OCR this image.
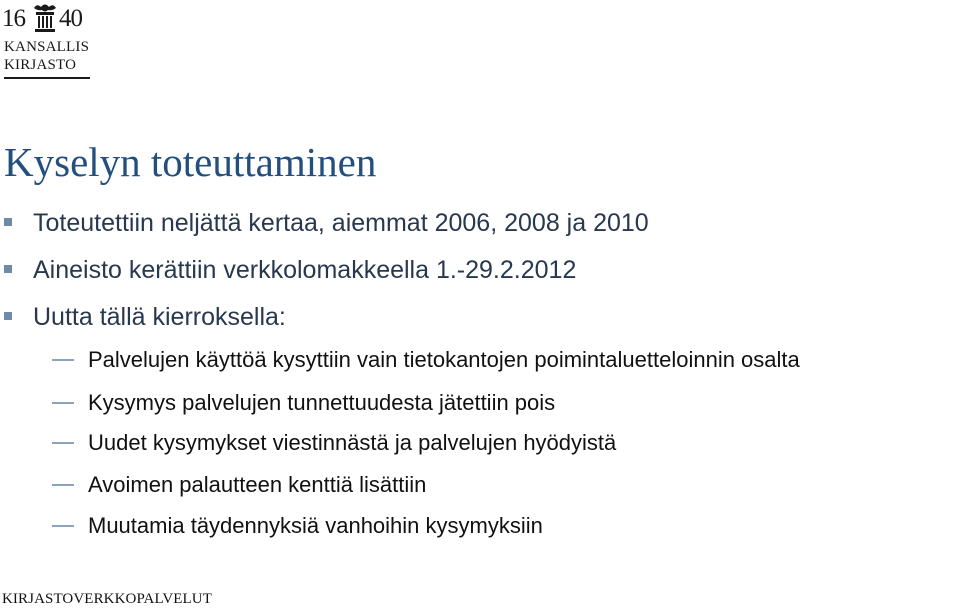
16 40
KANSALLIS
KIRJASTO
Kyselyn toteuttaminen
Toteutettiin neljättä kertaa, aiemmat 2006, 2008 ja 2010
Aineisto kerättiin verkkolomakkeella 1.-29.2.2012
Uutta tällä kierroksella:
Palvelujen käyttöä kysyttiin vain tietokantojen poimintaluetteloinnin osalta
Kysymys palvelujen tunnettuudesta jätettiin pois
Uudet kysymykset viestinnästä ja palvelujen hyödyistä
Avoimen palautteen kenttiä lisättiin
Muutamia täydennyksiä vanhoihin kysymyksiin
KIRJASTOVERKKOPALVELUT
